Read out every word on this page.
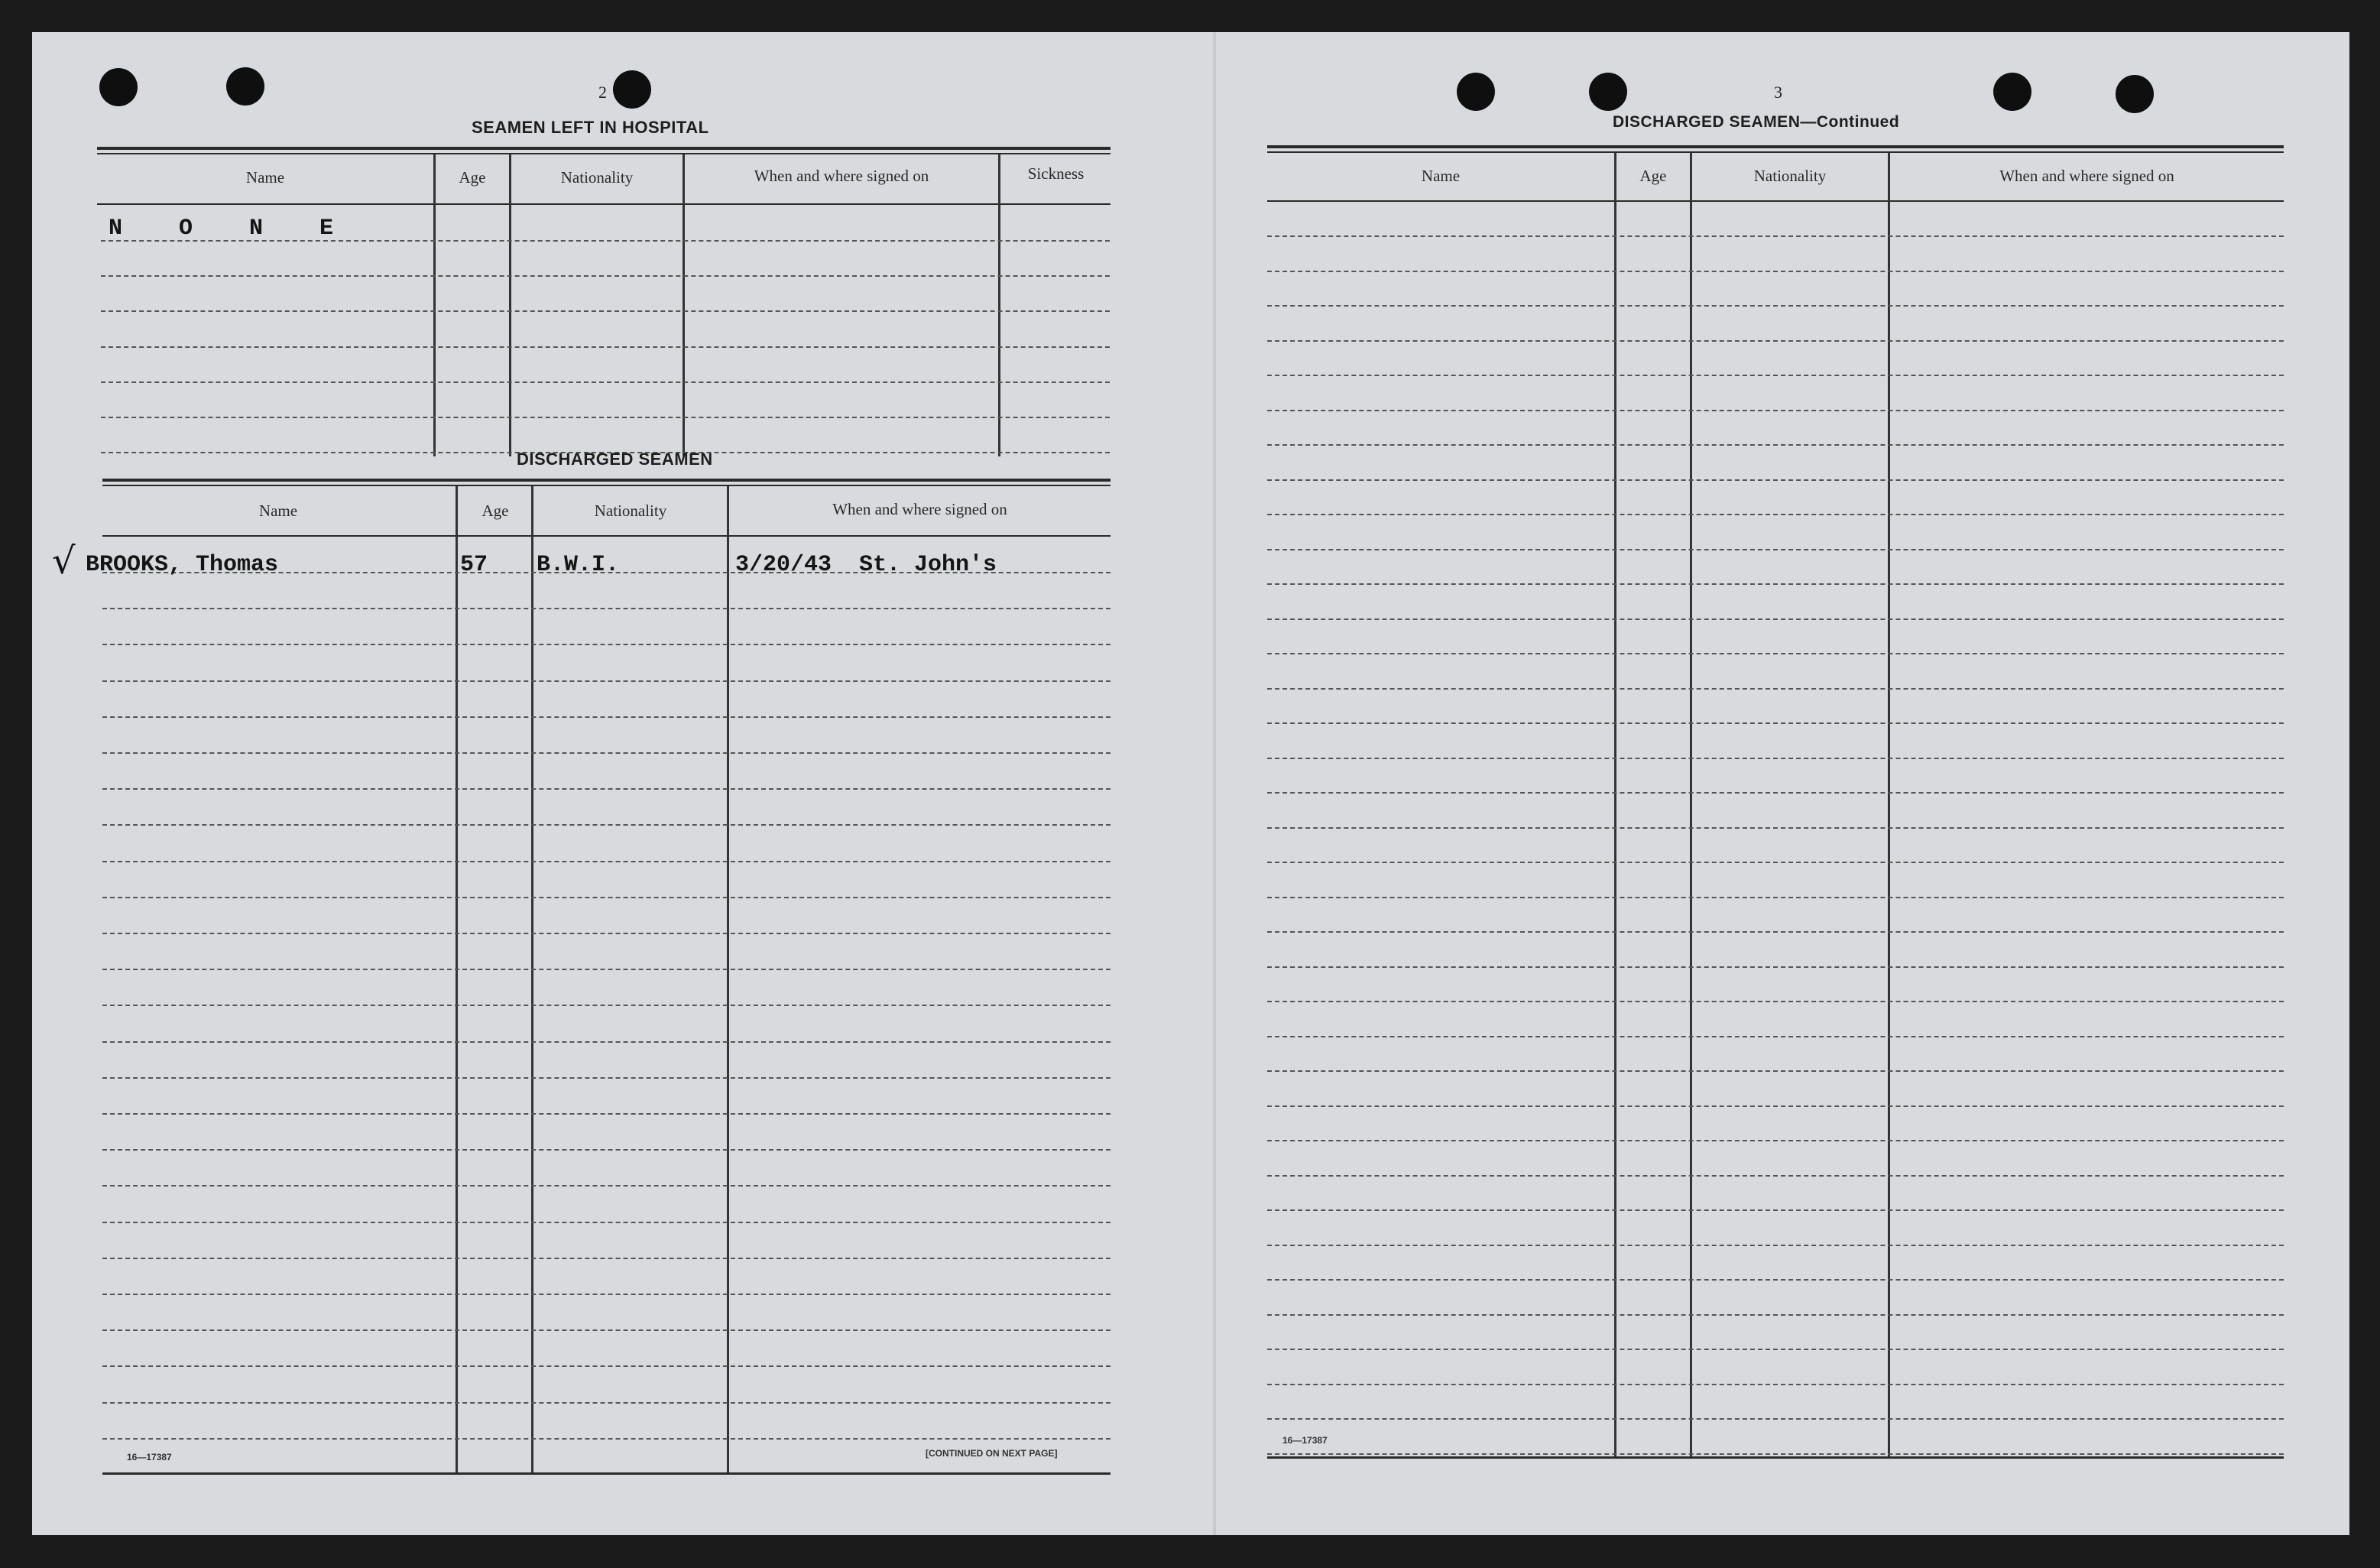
2
SEAMEN LEFT IN HOSPITAL
Name	Age	Nationality	When and where signed on	Sickness
N O N E
DISCHARGED SEAMEN
Name	Age	Nationality	When and where signed on
√ BROOKS, Thomas	57 B.W.I.	3/20/43  St. John's
16—17387	[CONTINUED ON NEXT PAGE]
3
DISCHARGED SEAMEN—Continued
Name	Age	Nationality	When and where signed on
16—17387
